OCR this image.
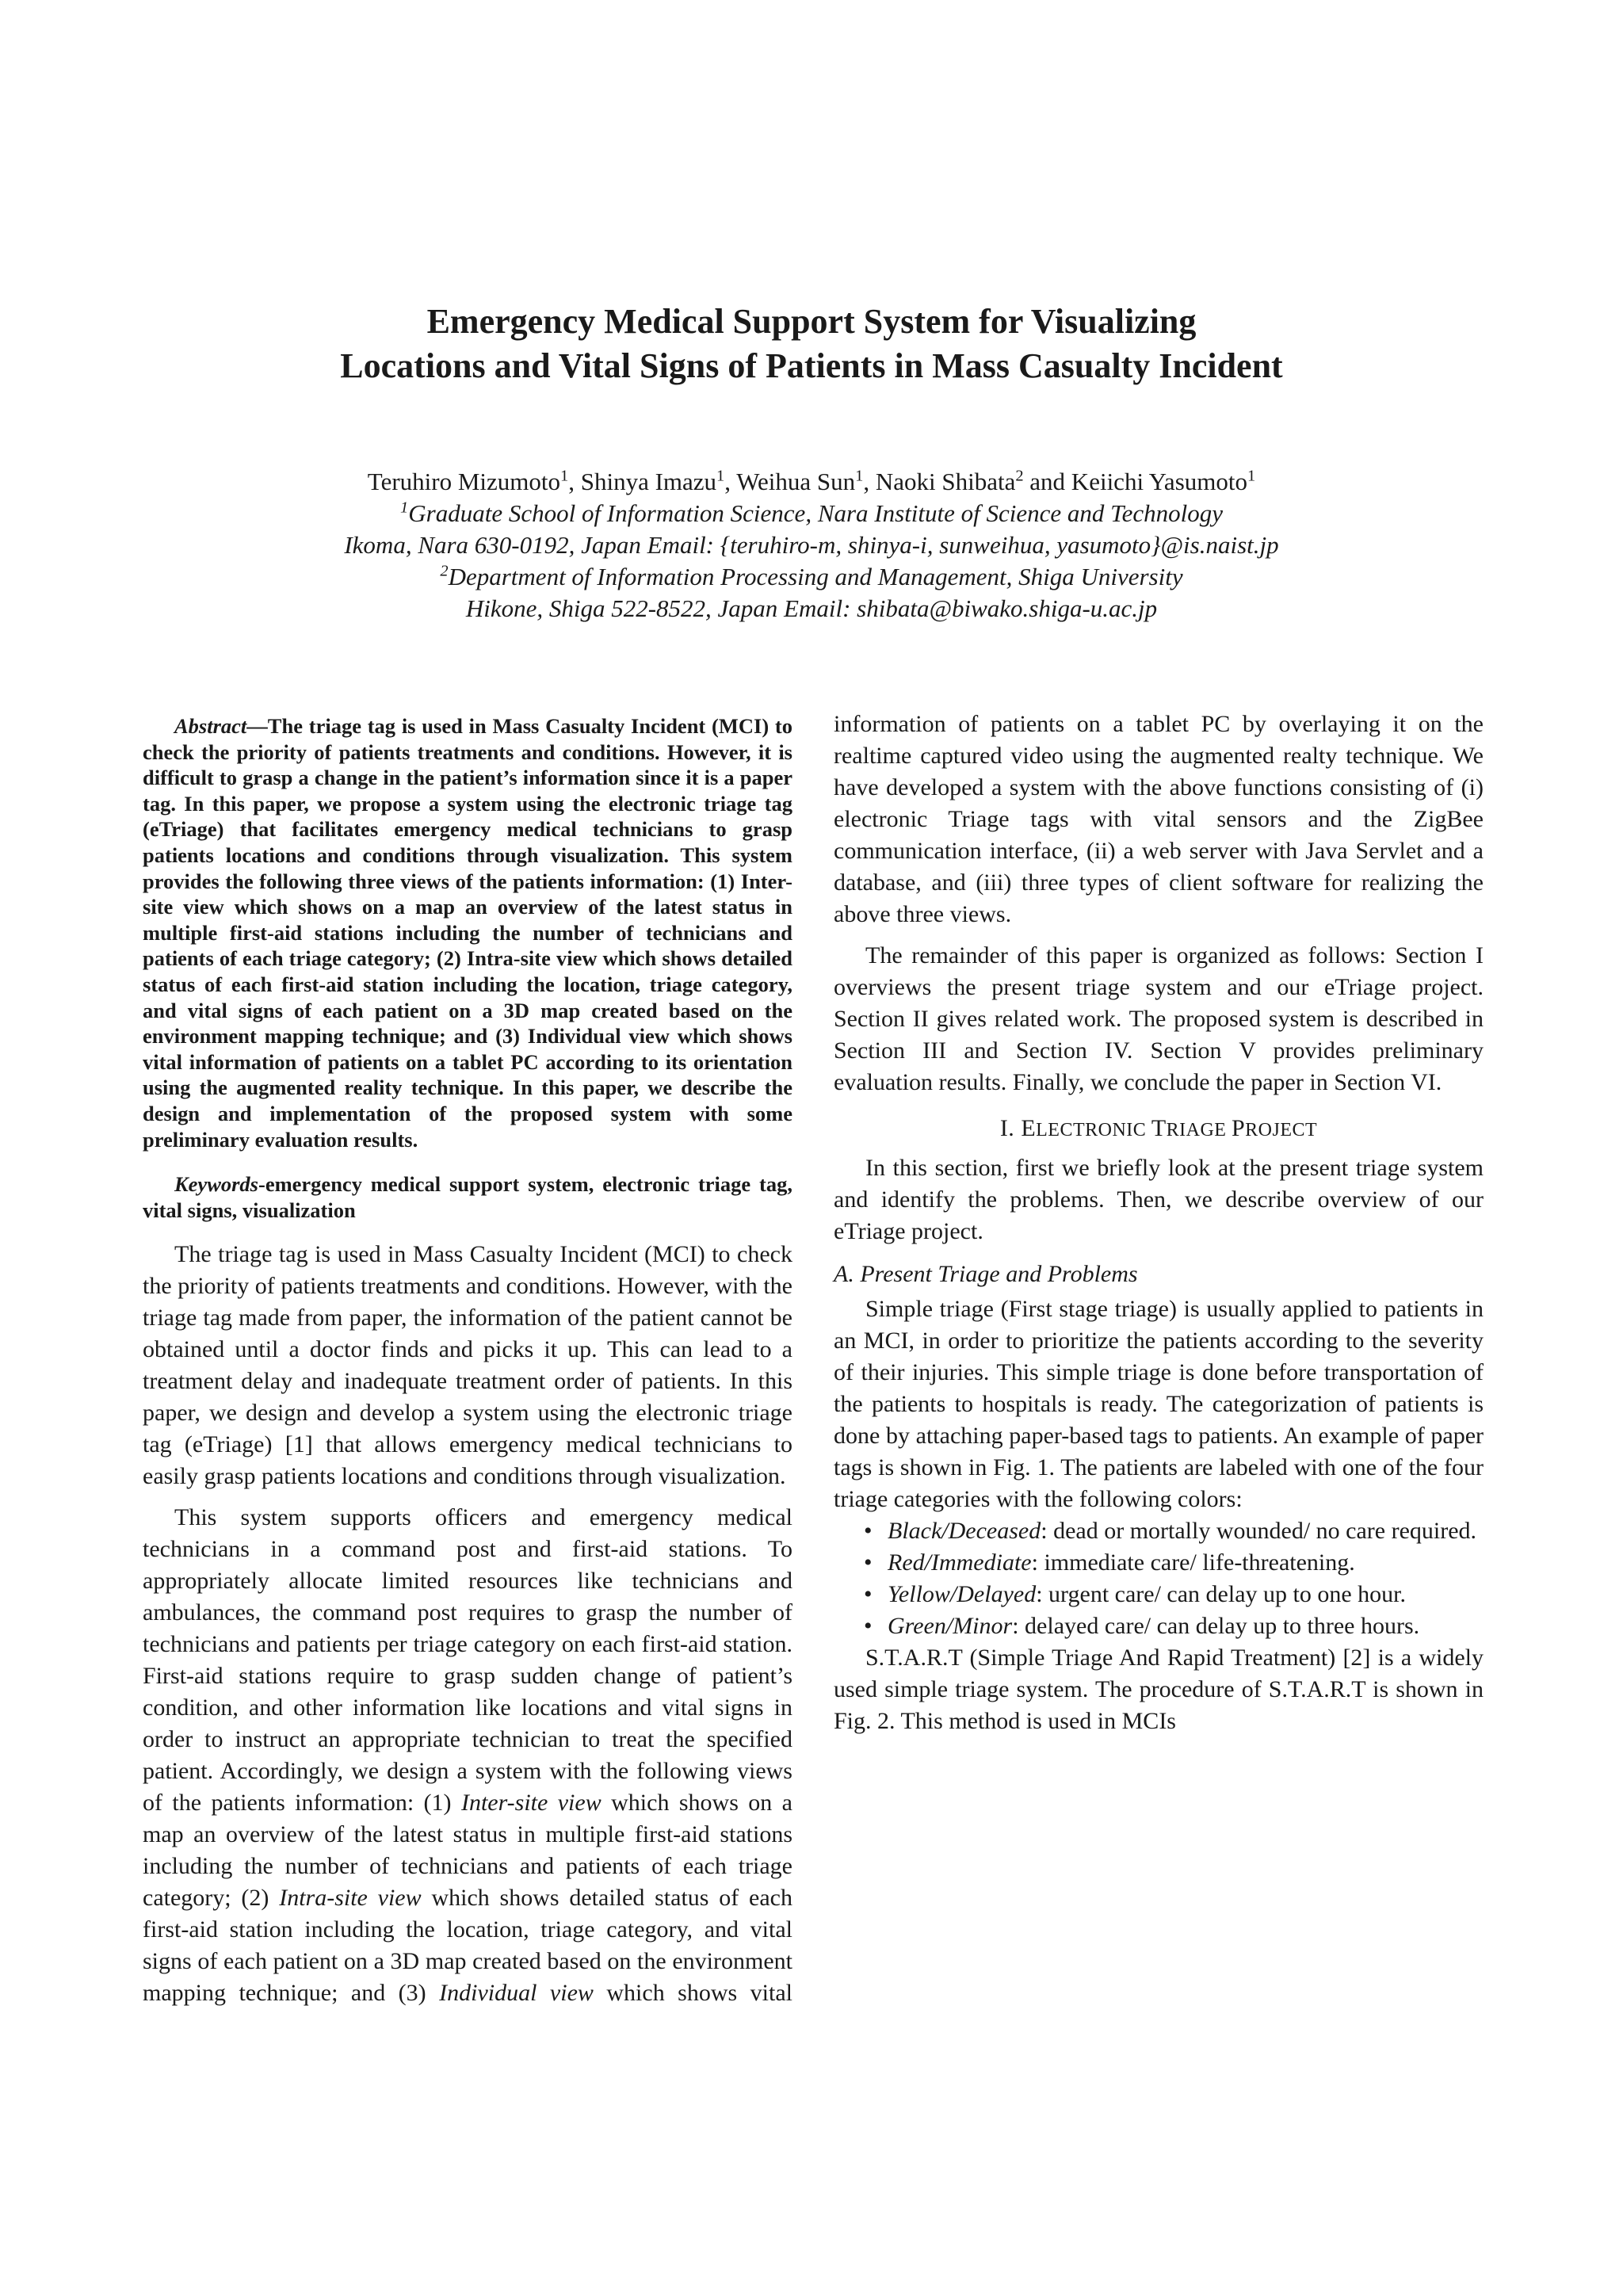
Emergency Medical Support System for Visualizing
Locations and Vital Signs of Patients in Mass Casualty Incident
Teruhiro Mizumoto$^1$, Shinya Imazu$^1$, Weihua Sun$^1$, Naoki Shibata$^2$ and Keiichi Yasumoto$^1$
$^1$Graduate School of Information Science, Nara Institute of Science and Technology
Ikoma, Nara 630-0192, Japan Email: {teruhiro-m, shinya-i, sunweihua, yasumoto}@is.naist.jp
$^2$Department of Information Processing and Management, Shiga University
Hikone, Shiga 522-8522, Japan Email: shibata@biwako.shiga-u.ac.jp

Abstract—The triage tag is used in Mass Casualty Incident (MCI) to check the priority of patients treatments and conditions. However, it is difficult to grasp a change in the patient’s information since it is a paper tag. In this paper, we propose a system using the electronic triage tag (eTriage) that facilitates emergency medical technicians to grasp patients locations and conditions through visualization. This system provides the following three views of the patients information: (1) Inter-site view which shows on a map an overview of the latest status in multiple first-aid stations including the number of technicians and patients of each triage category; (2) Intra-site view which shows detailed status of each first-aid station including the location, triage category, and vital signs of each patient on a 3D map created based on the environment mapping technique; and (3) Individual view which shows vital information of patients on a tablet PC according to its orientation using the augmented reality technique. In this paper, we describe the design and implementation of the proposed system with some preliminary evaluation results.

Keywords-emergency medical support system, electronic triage tag, vital signs, visualization

The triage tag is used in Mass Casualty Incident (MCI) to check the priority of patients treatments and conditions. However, with the triage tag made from paper, the information of the patient cannot be obtained until a doctor finds and picks it up. This can lead to a treatment delay and inadequate treatment order of patients. In this paper, we design and develop a system using the electronic triage tag (eTriage) [1] that allows emergency medical technicians to easily grasp patients locations and conditions through visualization.

This system supports officers and emergency medical technicians in a command post and first-aid stations. To appropriately allocate limited resources like technicians and ambulances, the command post requires to grasp the number of technicians and patients per triage category on each first-aid station. First-aid stations require to grasp sudden change of patient’s condition, and other information like locations and vital signs in order to instruct an appropriate technician to treat the specified patient. Accordingly, we design a system with the following views of the patients information: (1) Inter-site view which shows on a map an overview of the latest status in multiple first-aid stations including the number of technicians and patients of each triage category; (2) Intra-site view which shows detailed status of each first-aid station including the location, triage category, and vital signs of each patient on a 3D map created based on the environment mapping technique; and (3) Individual view which shows vital

The remainder of this paper is organized as follows: Section I overviews the present triage system and our eTriage project. Section II gives related work. The proposed system is described in Section III and Section IV. Section V provides preliminary evaluation results. Finally, we conclude the paper in Section VI.

I. ELECTRONIC TRIAGE PROJECT

In this section, first we briefly look at the present triage system and identify the problems. Then, we describe overview of our eTriage project.

A. Present Triage and Problems

Simple triage (First stage triage) is usually applied to patients in an MCI, in order to prioritize the patients according to the severity of their injuries. This simple triage is done before transportation of the patients to hospitals is ready. The categorization of patients is done by attaching paper-based tags to patients. An example of paper tags is shown in Fig. 1. The patients are labeled with one of the four triage categories with the following colors:

• Black/Deceased: dead or mortally wounded/ no care required.
• Red/Immediate: immediate care/ life-threatening.
• Yellow/Delayed: urgent care/ can delay up to one hour.
• Green/Minor: delayed care/ can delay up to three hours.

S.T.A.R.T (Simple Triage And Rapid Treatment) [2] is a widely used simple triage system. The procedure of S.T.A.R.T is shown in Fig. 2. This method is used in MCIs

information of patients on a tablet PC by overlaying it on the realtime captured video using the augmented realty technique. We have developed a system with the above functions consisting of (i) electronic Triage tags with vital sensors and the ZigBee communication interface, (ii) a web server with Java Servlet and a database, and (iii) three types of client software for realizing the above three views.
